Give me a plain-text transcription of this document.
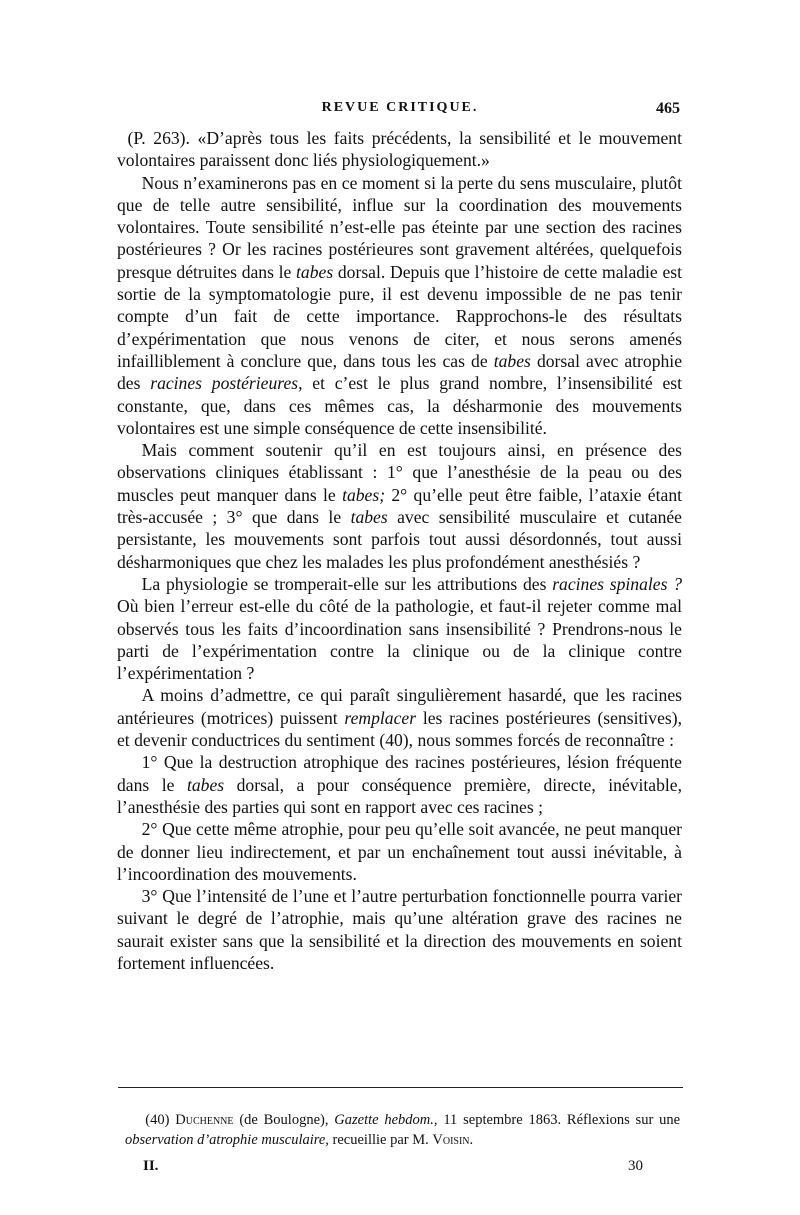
REVUE CRITIQUE.	465

(P. 263). «D’après tous les faits précédents, la sensibilité et le mouvement volontaires paraissent donc liés physiologiquement.»

Nous n’examinerons pas en ce moment si la perte du sens musculaire, plutôt que de telle autre sensibilité, influe sur la coordination des mouvements volontaires. Toute sensibilité n’est-elle pas éteinte par une section des racines postérieures ? Or les racines postérieures sont gravement altérées, quelquefois presque détruites dans le tabes dorsal. Depuis que l’histoire de cette maladie est sortie de la symptomatologie pure, il est devenu impossible de ne pas tenir compte d’un fait de cette importance. Rapprochons-le des résultats d’expérimentation que nous venons de citer, et nous serons amenés infailliblement à conclure que, dans tous les cas de tabes dorsal avec atrophie des racines postérieures, et c’est le plus grand nombre, l’insensibilité est constante, que, dans ces mêmes cas, la désharmonie des mouvements volontaires est une simple conséquence de cette insensibilité.

Mais comment soutenir qu’il en est toujours ainsi, en présence des observations cliniques établissant : 1° que l’anesthésie de la peau ou des muscles peut manquer dans le tabes; 2° qu’elle peut être faible, l’ataxie étant très-accusée ; 3° que dans le tabes avec sensibilité musculaire et cutanée persistante, les mouvements sont parfois tout aussi désordonnés, tout aussi désharmoniques que chez les malades les plus profondément anesthésiés ?

La physiologie se tromperait-elle sur les attributions des racines spinales ? Où bien l’erreur est-elle du côté de la pathologie, et faut-il rejeter comme mal observés tous les faits d’incoordination sans insensibilité ? Prendrons-nous le parti de l’expérimentation contre la clinique ou de la clinique contre l’expérimentation ?

A moins d’admettre, ce qui paraît singulièrement hasardé, que les racines antérieures (motrices) puissent remplacer les racines postérieures (sensitives), et devenir conductrices du sentiment (40), nous sommes forcés de reconnaître :

1° Que la destruction atrophique des racines postérieures, lésion fréquente dans le tabes dorsal, a pour conséquence première, directe, inévitable, l’anesthésie des parties qui sont en rapport avec ces racines ;

2° Que cette même atrophie, pour peu qu’elle soit avancée, ne peut manquer de donner lieu indirectement, et par un enchaînement tout aussi inévitable, à l’incoordination des mouvements.

3° Que l’intensité de l’une et l’autre perturbation fonctionnelle pourra varier suivant le degré de l’atrophie, mais qu’une altération grave des racines ne saurait exister sans que la sensibilité et la direction des mouvements en soient fortement influencées.

(40) Duchenne (de Boulogne), Gazette hebdom., 11 septembre 1863. Réflexions sur une observation d’atrophie musculaire, recueillie par M. Voisin.

II.	30
